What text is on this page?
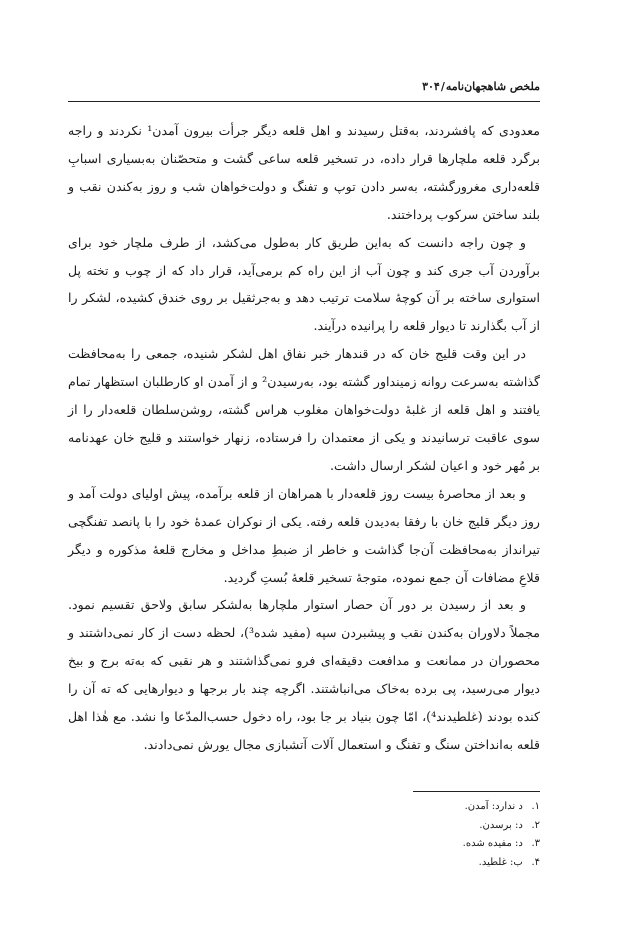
ملخص شاهجهان‌نامه/۳۰۴

معدودی که پافشردند، به‌قتل رسیدند و اهل قلعه دیگر جرأت بیرون آمدن¹ نکردند و راجه برگرد قلعه ملچارها قرار داده، در تسخیر قلعه ساعی گشت و متحصّنان به‌بسیاری اسبابِ قلعه‌داری مغرورگشته، به‌سر دادن توپ و تفنگ و دولت‌خواهان شب و روز به‌کندن نقب و بلند ساختن سرکوب پرداختند.

و چون راجه دانست که به‌این طریق کار به‌طول می‌کشد، از طرف ملچار خود برای برآوردن آب جری کند و چون آب از این راه کم برمی‌آید، قرار داد که از چوب و تخته پل استواری ساخته بر آن کوچهٔ سلامت ترتیب دهد و به‌جرثقیل بر روی خندق کشیده، لشکر را از آب بگذارند تا دیوار قلعه را پرانیده درآیند.

در این وقت قلیج خان که در قندهار خبر نفاق اهل لشکر شنیده، جمعی را به‌محافظت گذاشته به‌سرعت روانه زمینداور گشته بود، به‌رسیدن² و از آمدن او کارطلبان استظهار تمام یافتند و اهل قلعه از غلبهٔ دولت‌خواهان مغلوب هراس گشته، روشن‌سلطان قلعه‌دار را از سوی عاقبت ترسانیدند و یکی از معتمدان را فرستاده، زنهار خواستند و قلیج خان عهدنامه بر مُهر خود و اعیان لشکر ارسال داشت.

و بعد از محاصرهٔ بیست روز قلعه‌دار با همراهان از قلعه برآمده، پیش اولیای دولت آمد و روز دیگر قلیج خان با رفقا به‌دیدن قلعه رفته. یکی از نوکران عمدهٔ خود را با پانصد تفنگچی تیرانداز به‌محافظت آن‌جا گذاشت و خاطر از ضبطِ مداخل و مخارج قلعهٔ مذکوره و دیگر قلاعِ مضافات آن جمع نموده، متوجهٔ تسخیر قلعهٔ بُستِ گردید.

و بعد از رسیدن بر دور آن حصار استوار ملچارها به‌لشکر سابق ولاحق تقسیم نمود. مجملاً دلاوران به‌کندن نقب و پیشبردن سپه (مفید شده³)، لحظه دست از کار نمی‌داشتند و محصوران در ممانعت و مدافعت دقیقه‌ای فرو نمی‌گذاشتند و هر نقبی که به‌ته برج و بیخ دیوار می‌رسید، پی برده به‌خاک می‌انباشتند. اگرچه چند بار برجها و دیوارهایی که ته آن را کنده بودند (غلطیدند⁴)، امّا چون بنیاد بر جا بود، راه دخول حسب‌المدّعا وا نشد. مع هٰذا اهل قلعه به‌انداختن سنگ و تفنگ و استعمال آلات آتشبازی مجال یورش نمی‌دادند.

۱. د ندارد: آمدن.
۲. د: برسدن.
۳. د: مفیده شده.
۴. ب: غلطید.
